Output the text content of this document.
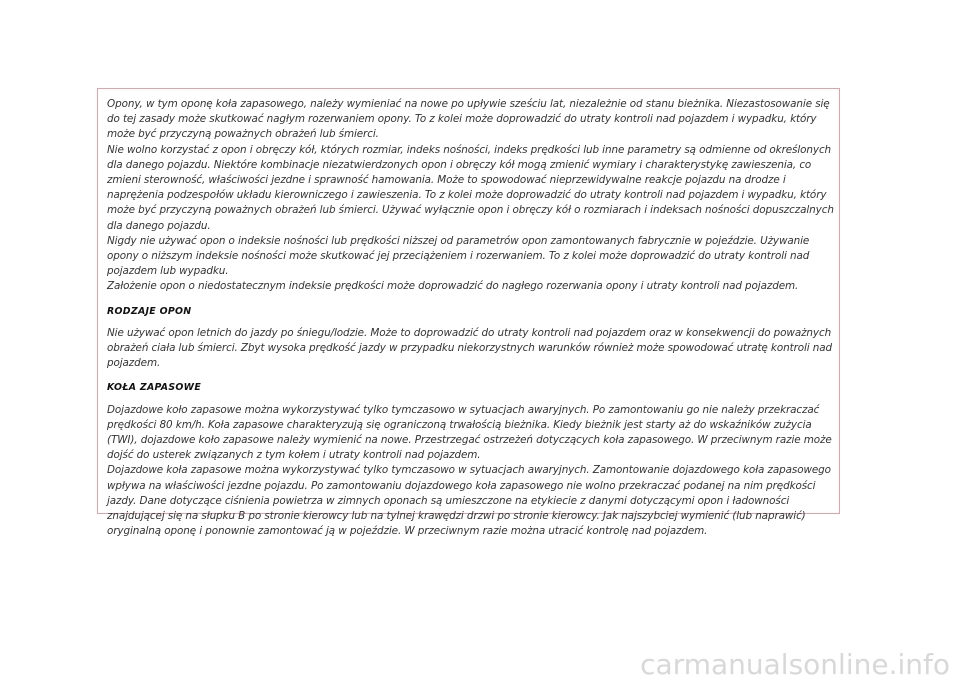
Opony, w tym oponę koła zapasowego, należy wymieniać na nowe po upływie sześciu lat, niezależnie od stanu bieżnika. Niezastosowanie się do tej zasady może skutkować nagłym rozerwaniem opony. To z kolei może doprowadzić do utraty kontroli nad pojazdem i wypadku, który może być przyczyną poważnych obrażeń lub śmierci.

Nie wolno korzystać z opon i obręczy kół, których rozmiar, indeks nośności, indeks prędkości lub inne parametry są odmienne od określonych dla danego pojazdu. Niektóre kombinacje niezatwierdzonych opon i obręczy kół mogą zmienić wymiary i charakterystykę zawieszenia, co zmieni sterowność, właściwości jezdne i sprawność hamowania. Może to spowodować nieprzewidywalne reakcje pojazdu na drodze i naprężenia podzespołów układu kierowniczego i zawieszenia. To z kolei może doprowadzić do utraty kontroli nad pojazdem i wypadku, który może być przyczyną poważnych obrażeń lub śmierci. Używać wyłącznie opon i obręczy kół o rozmiarach i indeksach nośności dopuszczalnych dla danego pojazdu.

Nigdy nie używać opon o indeksie nośności lub prędkości niższej od parametrów opon zamontowanych fabrycznie w pojeździe. Używanie opony o niższym indeksie nośności może skutkować jej przeciążeniem i rozerwaniem. To z kolei może doprowadzić do utraty kontroli nad pojazdem lub wypadku.

Założenie opon o niedostatecznym indeksie prędkości może doprowadzić do nagłego rozerwania opony i utraty kontroli nad pojazdem.

RODZAJE OPON

Nie używać opon letnich do jazdy po śniegu/lodzie. Może to doprowadzić do utraty kontroli nad pojazdem oraz w konsekwencji do poważnych obrażeń ciała lub śmierci. Zbyt wysoka prędkość jazdy w przypadku niekorzystnych warunków również może spowodować utratę kontroli nad pojazdem.

KOŁA ZAPASOWE

Dojazdowe koło zapasowe można wykorzystywać tylko tymczasowo w sytuacjach awaryjnych. Po zamontowaniu go nie należy przekraczać prędkości 80 km/h. Koła zapasowe charakteryzują się ograniczoną trwałością bieżnika. Kiedy bieżnik jest starty aż do wskaźników zużycia (TWI), dojazdowe koło zapasowe należy wymienić na nowe. Przestrzegać ostrzeżeń dotyczących koła zapasowego. W przeciwnym razie może dojść do usterek związanych z tym kołem i utraty kontroli nad pojazdem.

Dojazdowe koła zapasowe można wykorzystywać tylko tymczasowo w sytuacjach awaryjnych. Zamontowanie dojazdowego koła zapasowego wpływa na właściwości jezdne pojazdu. Po zamontowaniu dojazdowego koła zapasowego nie wolno przekraczać podanej na nim prędkości jazdy. Dane dotyczące ciśnienia powietrza w zimnych oponach są umieszczone na etykiecie z danymi dotyczącymi opon i ładowności znajdującej się na słupku B po stronie kierowcy lub na tylnej krawędzi drzwi po stronie kierowcy. Jak najszybciej wymienić (lub naprawić) oryginalną oponę i ponownie zamontować ją w pojeździe. W przeciwnym razie można utracić kontrolę nad pojazdem.

carmanualsonline.info
